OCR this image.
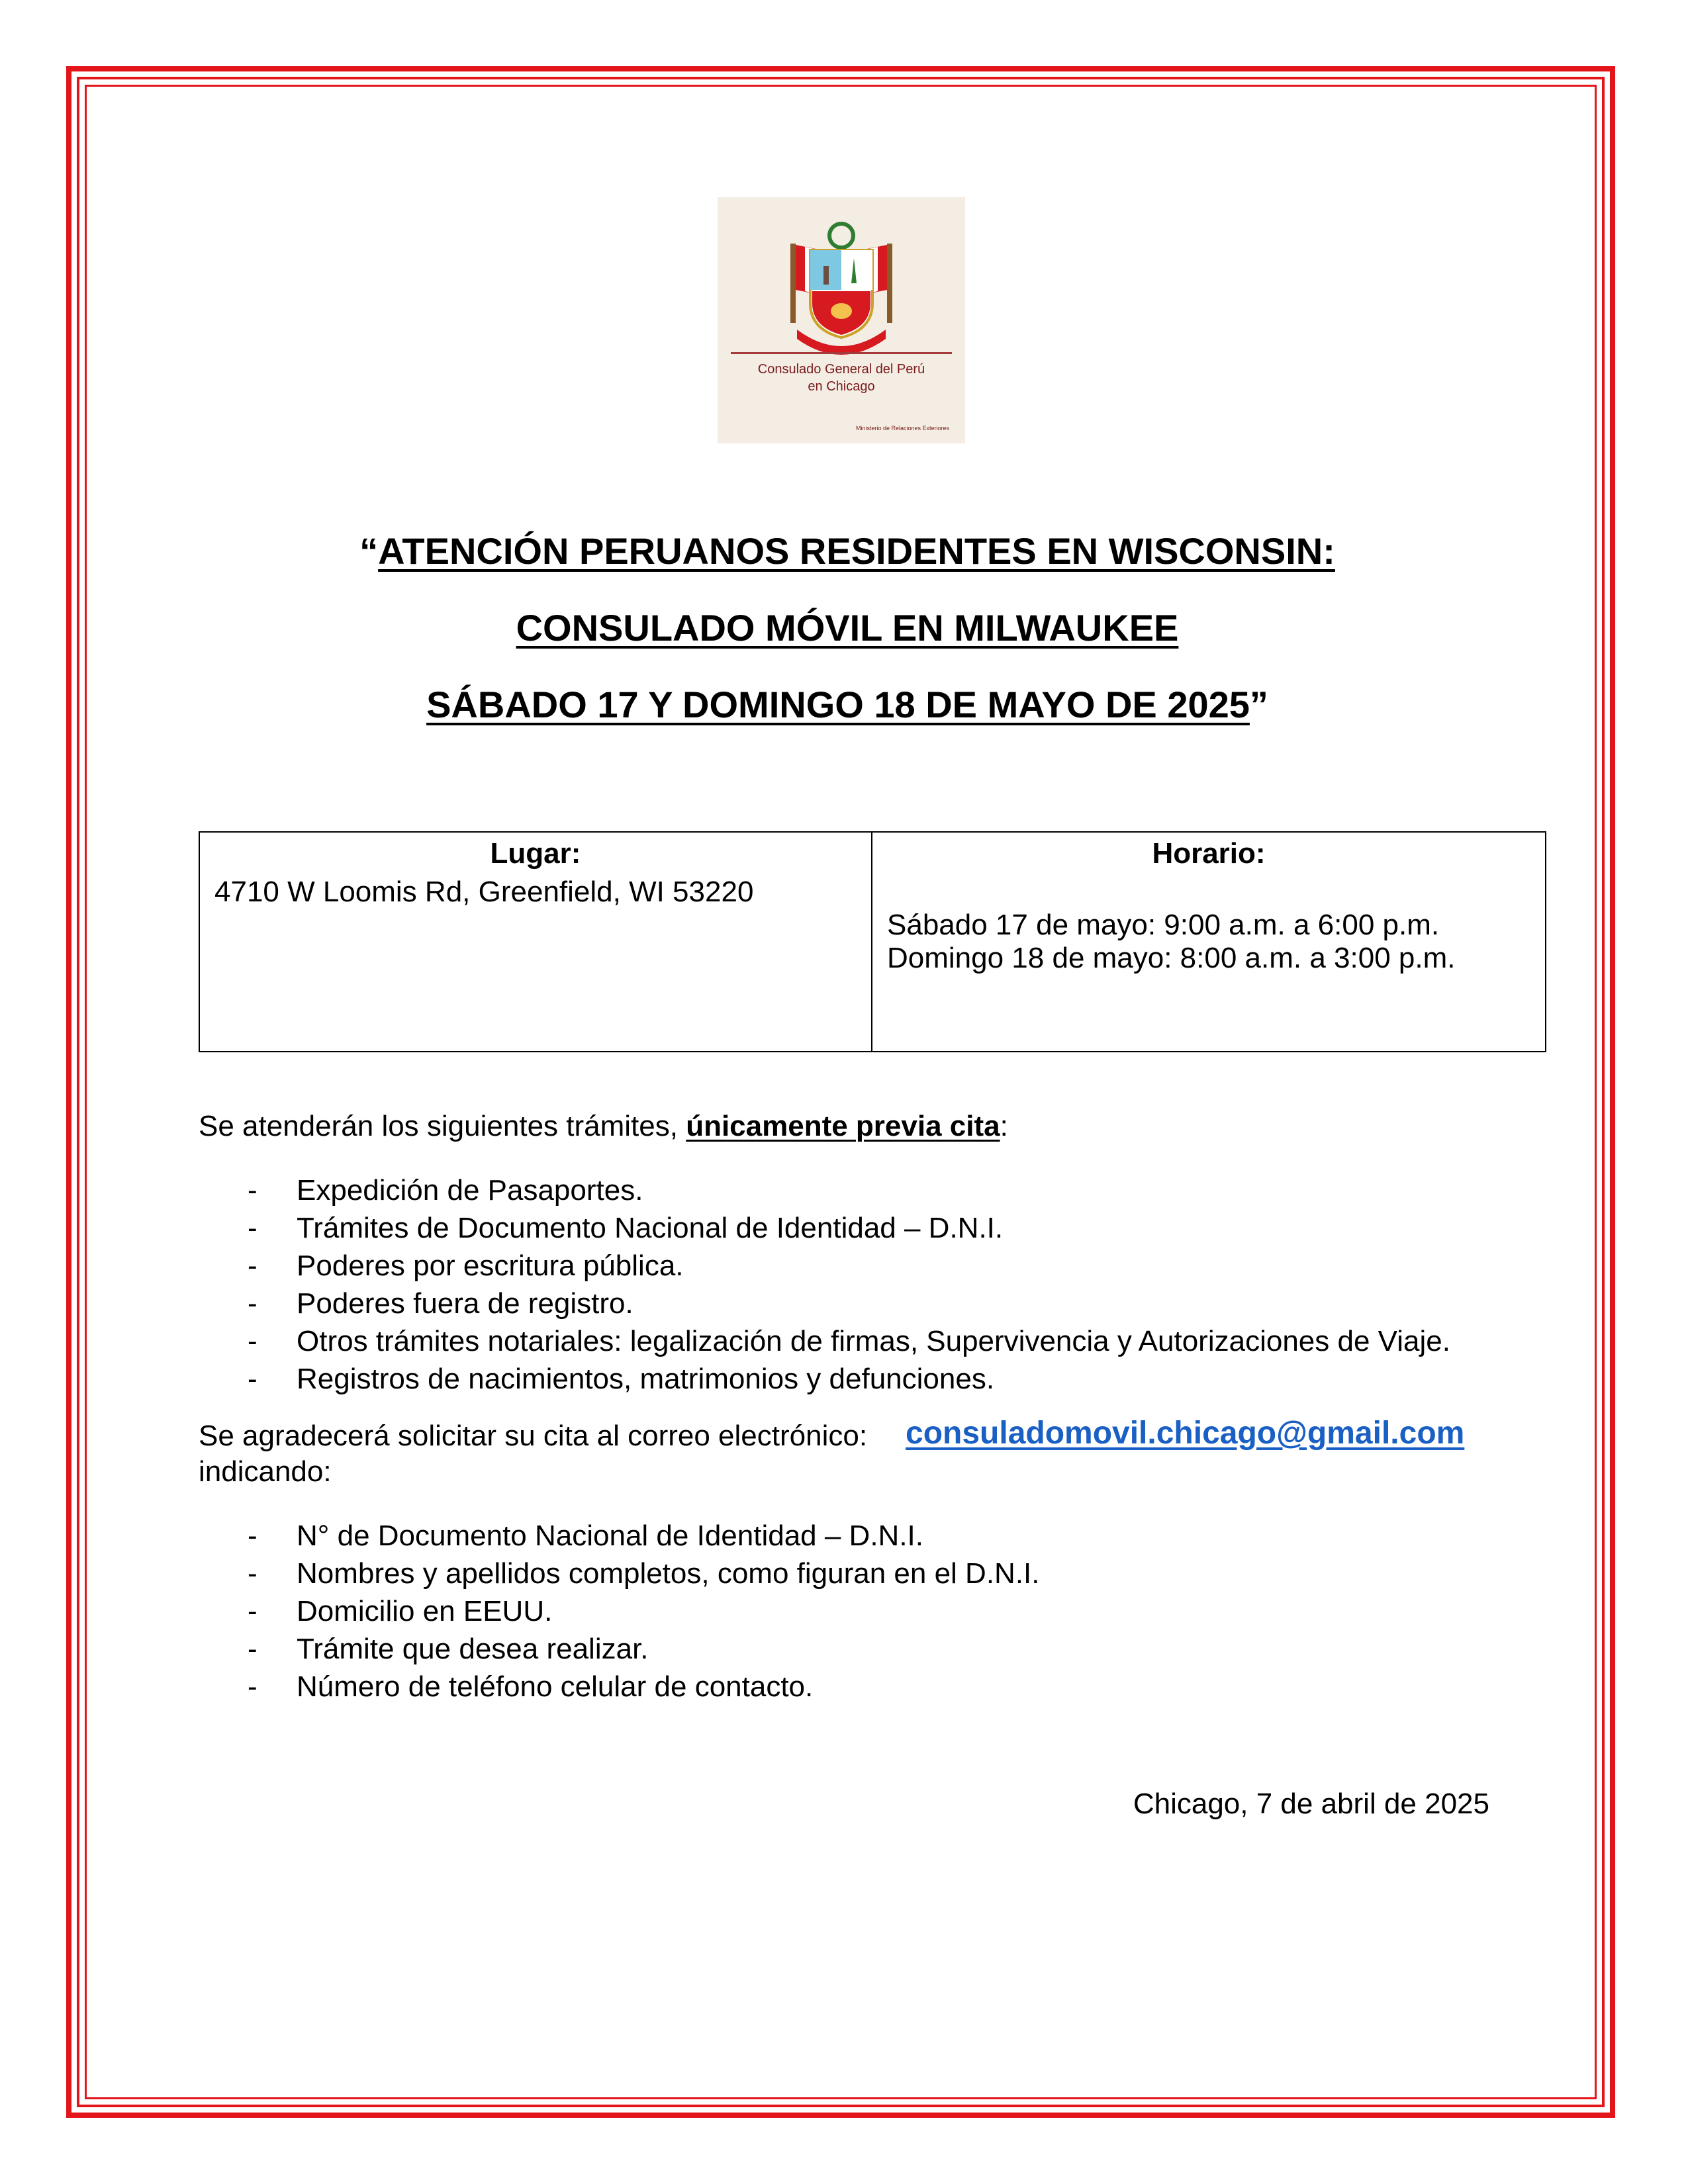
Consulado General del Perú
en Chicago
Ministerio de Relaciones Exteriores
“ATENCIÓN PERUANOS RESIDENTES EN WISCONSIN:
CONSULADO MÓVIL EN MILWAUKEE
SÁBADO 17 Y DOMINGO 18 DE MAYO DE 2025”
Lugar:
4710 W Loomis Rd, Greenfield, WI 53220
Horario:
Sábado 17 de mayo: 9:00 a.m. a 6:00 p.m.
Domingo 18 de mayo: 8:00 a.m. a 3:00 p.m.
Se atenderán los siguientes trámites, únicamente previa cita:
- Expedición de Pasaportes.
- Trámites de Documento Nacional de Identidad – D.N.I.
- Poderes por escritura pública.
- Poderes fuera de registro.
- Otros trámites notariales: legalización de firmas, Supervivencia y Autorizaciones de Viaje.
- Registros de nacimientos, matrimonios y defunciones.
Se agradecerá solicitar su cita al correo electrónico: consuladomovil.chicago@gmail.com
indicando:
- N° de Documento Nacional de Identidad – D.N.I.
- Nombres y apellidos completos, como figuran en el D.N.I.
- Domicilio en EEUU.
- Trámite que desea realizar.
- Número de teléfono celular de contacto.
Chicago, 7 de abril de 2025
